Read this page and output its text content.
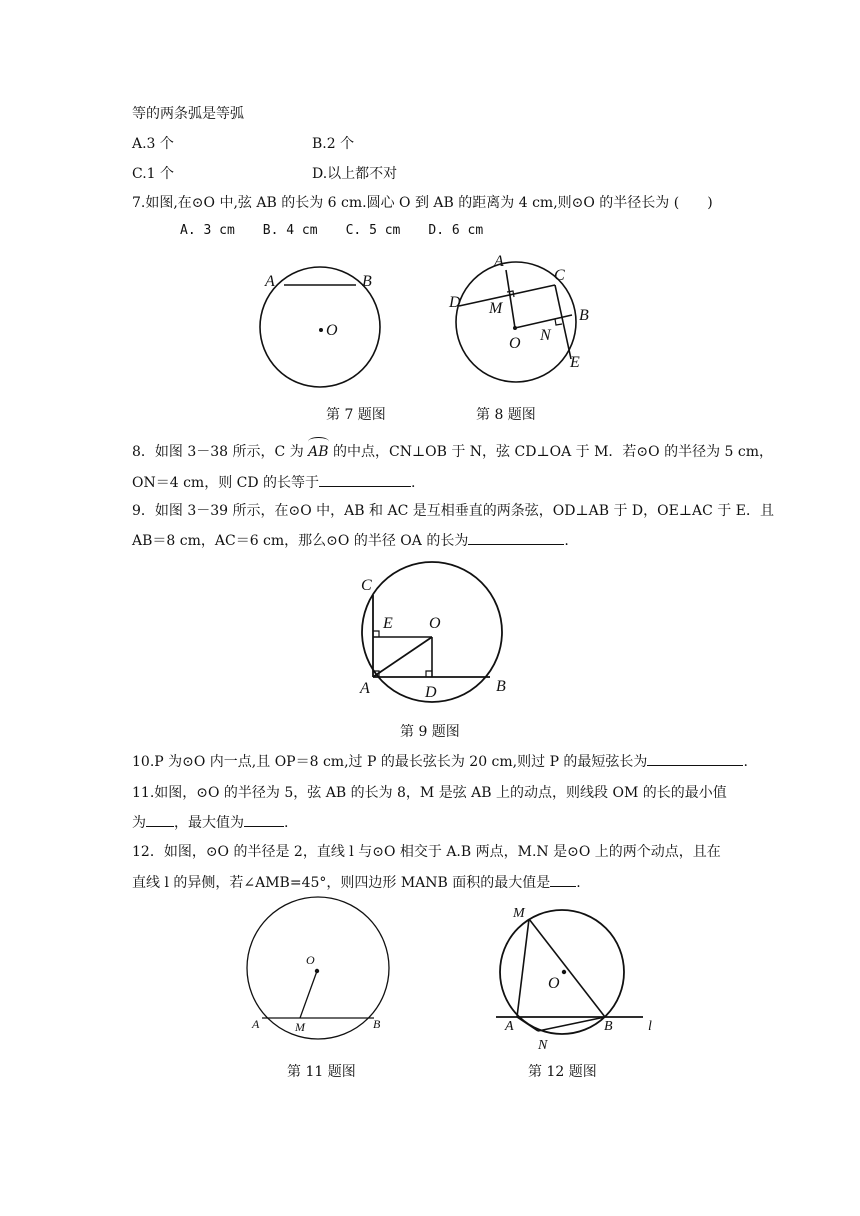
等的两条弧是等弧
A.3 个	B.2 个
C.1 个	D.以上都不对
7.如图,在⊙O 中,弦 AB 的长为 6 cm.圆心 O 到 AB 的距离为 4 cm,则⊙O 的半径长为 (　　)
A. 3 cm B. 4 cm C. 5 cm D. 6 cm
A	B
O
第 7 题图
A
C
D M	B
O N
E
第 8 题图
8．如图 3－38 所示，C 为 AB 的中点，CN⊥OB 于 N，弦 CD⊥OA 于 M．若⊙O 的半径为 5 cm，
ON＝4 cm，则 CD 的长等于	.
9．如图 3－39 所示，在⊙O 中，AB 和 AC 是互相垂直的两条弦，OD⊥AB 于 D，OE⊥AC 于 E．且
AB＝8 cm，AC＝6 cm，那么⊙O 的半径 OA 的长为	.
C
E O
A	D	B
第 9 题图
10.P 为⊙O 内一点,且 OP＝8 cm,过 P 的最长弦长为 20 cm,则过 P 的最短弦长为	.
11.如图，⊙O 的半径为 5，弦 AB 的长为 8，M 是弦 AB 上的动点，则线段 OM 的长的最小值
为 ，最大值为	.
12．如图，⊙O 的半径是 2，直线 l 与⊙O 相交于 A.B 两点，M.N 是⊙O 上的两个动点，且在
直线 l 的异侧，若∠AMB=45°，则四边形 MANB 面积的最大值是 .
O
A	M	B
第 11 题图
M
O
A	B
N
l
第 12 题图
